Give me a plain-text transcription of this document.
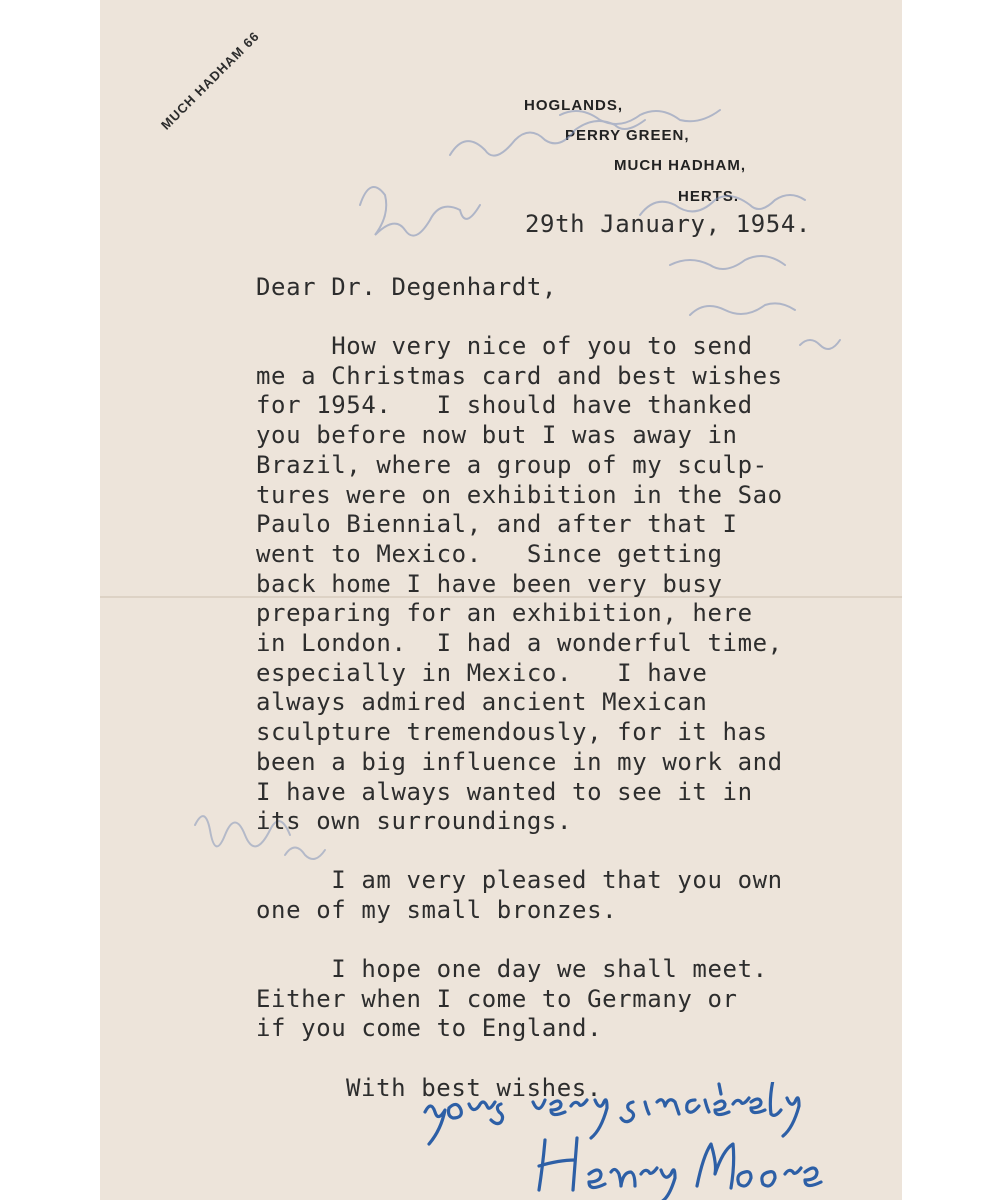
MUCH HADHAM 66	HOGLANDS,

PERRY GREEN,

MUCH HADHAM,

HERTS.

29th January, 1954.

Dear Dr. Degenhardt,

How very nice of you to send
me a Christmas card and best wishes
for 1954.   I should have thanked
you before now but I was away in
Brazil, where a group of my sculp-
tures were on exhibition in the Sao
Paulo Biennial, and after that I
went to Mexico.   Since getting
back home I have been very busy
preparing for an exhibition, here
in London.  I had a wonderful time,
especially in Mexico.   I have
always admired ancient Mexican
sculpture tremendously, for it has
been a big influence in my work and
I have always wanted to see it in
its own surroundings.
I am very pleased that you own
one of my small bronzes.
I hope one day we shall meet.
Either when I come to Germany or
if you come to England.

With best wishes.
